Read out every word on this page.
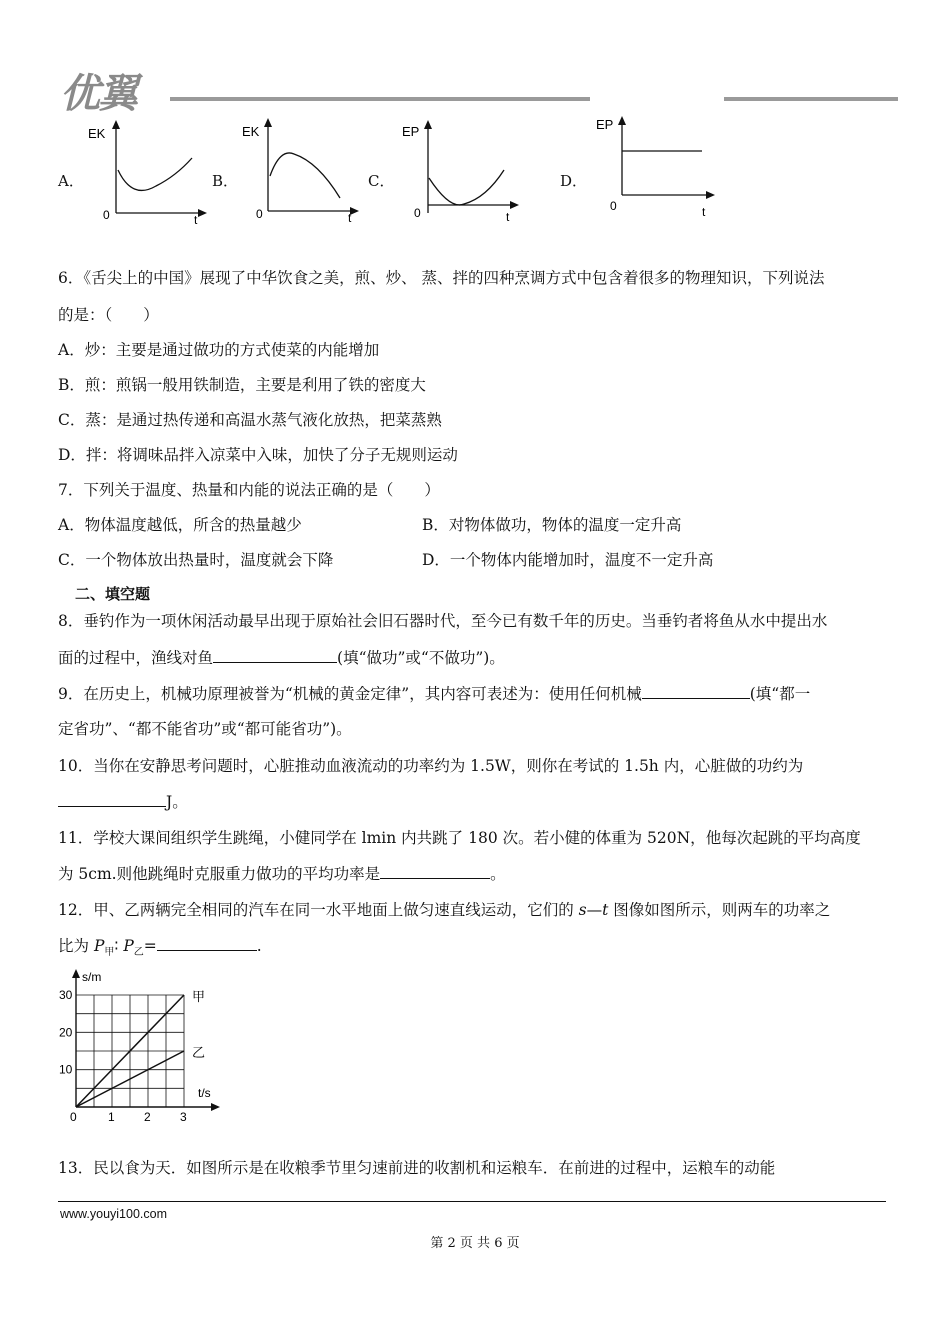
优翼
A．
EK
0	t
B．
EK
0	t
C．
EP
0	t
D．
EP
0	t
6．《舌尖上的中国》展现了中华饮食之美，煎、炒、 蒸、拌的四种烹调方式中包含着很多的物理知识，下列说法
的是：（　　）
A．炒：主要是通过做功的方式使菜的内能增加
B．煎：煎锅一般用铁制造，主要是利用了铁的密度大
C．蒸：是通过热传递和高温水蒸气液化放热，把菜蒸熟
D．拌：将调味品拌入凉菜中入味，加快了分子无规则运动
7．下列关于温度、热量和内能的说法正确的是（　　）
A．物体温度越低，所含的热量越少	B．对物体做功，物体的温度一定升高
C．一个物体放出热量时，温度就会下降	D．一个物体内能增加时，温度不一定升高
二、填空题
8．垂钓作为一项休闲活动最早出现于原始社会旧石器时代，至今已有数千年的历史。当垂钓者将鱼从水中提出水
面的过程中，渔线对鱼	(填“做功”或“不做功”)。
9．在历史上，机械功原理被誉为“机械的黄金定律”，其内容可表述为：使用任何机械	(填“都一
定省功”、“都不能省功”或“都可能省功”)。
10．当你在安静思考问题时，心脏推动血液流动的功率约为 1.5W，则你在考试的 1.5h 内，心脏做的功约为
J。
11．学校大课间组织学生跳绳，小健同学在 lmin 内共跳了 180 次。若小健的体重为 520N，他每次起跳的平均高度
为 5cm.则他跳绳时克服重力做功的平均功率是	。
12．甲、乙两辆完全相同的汽车在同一水平地面上做匀速直线运动，它们的 s—t 图像如图所示，则两车的功率之
比为 $P_甲∶$ $P_乙=$	.
s/m
t/s
0	1 2 3
10
20
30	甲
乙
13．民以食为天．如图所示是在收粮季节里匀速前进的收割机和运粮车．在前进的过程中，运粮车的动能
www.youyi100.com
第 2 页 共 6 页
